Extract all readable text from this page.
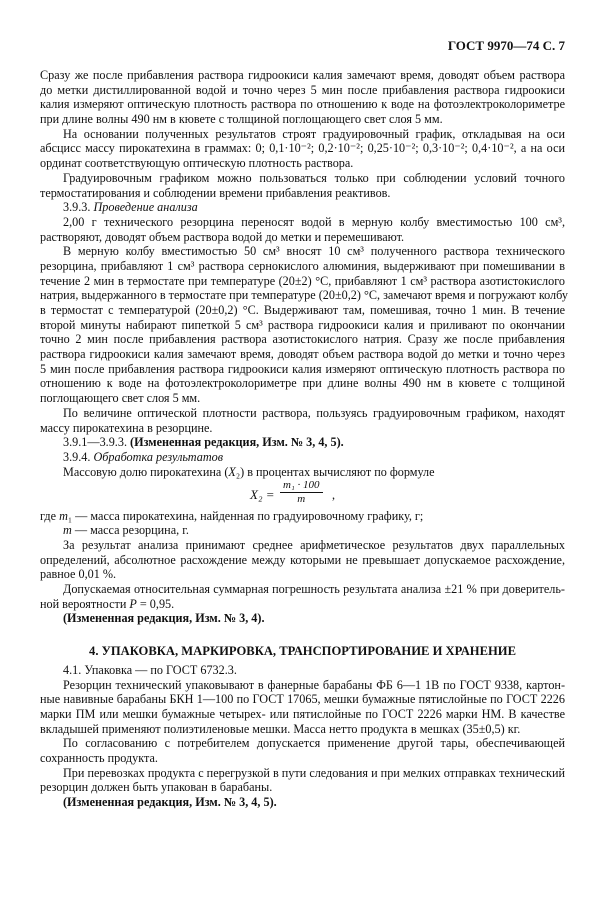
ГОСТ 9970—74 С. 7
Сразу же после прибавления раствора гидроокиси калия замечают время, доводят объем раствора
до метки дистиллированной водой и точно через 5 мин после прибавления раствора гидроокиси
калия измеряют оптическую плотность раствора по отношению к воде на фотоэлектроколориметре
при длине волны 490 нм в кювете с толщиной поглощающего свет слоя 5 мм.
На основании полученных результатов строят градуировочный график, откладывая на оси
абсцисс массу пирокатехина в граммах: 0; 0,1·10⁻²; 0,2·10⁻²; 0,25·10⁻²; 0,3·10⁻²; 0,4·10⁻², а на оси
ординат соответствующую оптическую плотность раствора.
Градуировочным графиком можно пользоваться только при соблюдении условий точного
термостатирования и соблюдении времени прибавления реактивов.
3.9.3. Проведение анализа
2,00 г технического резорцина переносят водой в мерную колбу вместимостью 100 см³,
растворяют, доводят объем раствора водой до метки и перемешивают.
В мерную колбу вместимостью 50 см³ вносят 10 см³ полученного раствора технического
резорцина, прибавляют 1 см³ раствора сернокислого алюминия, выдерживают при помешивании в
течение 2 мин в термостате при температуре (20±2) °С, прибавляют 1 см³ раствора азотистокислого
натрия, выдержанного в термостате при температуре (20±0,2) °С, замечают время и погружают колбу
в термостат с температурой (20±0,2) °С. Выдерживают там, помешивая, точно 1 мин. В течение
второй минуты набирают пипеткой 5 см³ раствора гидроокиси калия и приливают по окончании
точно 2 мин после прибавления раствора азотистокислого натрия. Сразу же после прибавления
раствора гидроокиси калия замечают время, доводят объем раствора водой до метки и точно через
5 мин после прибавления раствора гидроокиси калия измеряют оптическую плотность раствора по
отношению к воде на фотоэлектроколориметре при длине волны 490 нм в кювете с толщиной
поглощающего свет слоя 5 мм.
По величине оптической плотности раствора, пользуясь градуировочным графиком, находят
массу пирокатехина в резорцине.
3.9.1—3.9.3. (Измененная редакция, Изм. № 3, 4, 5).
3.9.4. Обработка результатов
Массовую долю пирокатехина (X₂) в процентах вычисляют по формуле
$X_2 = \frac{\text{m₁ · 100}}{m}$ ,
где m₁ — масса пирокатехина, найденная по градуировочному графику, г;
m — масса резорцина, г.
За результат анализа принимают среднее арифметическое результатов двух параллельных
определений, абсолютное расхождение между которыми не превышает допускаемое расхождение,
равное 0,01 %.
Допускаемая относительная суммарная погрешность результата анализа ±21 % при доверитель-
ной вероятности P = 0,95.
(Измененная редакция, Изм. № 3, 4).
4. УПАКОВКА, МАРКИРОВКА, ТРАНСПОРТИРОВАНИЕ И ХРАНЕНИЕ
4.1. Упаковка — по ГОСТ 6732.3.
Резорцин технический упаковывают в фанерные барабаны ФБ 6—1 1В по ГОСТ 9338, картон-
ные навивные барабаны БКН 1—100 по ГОСТ 17065, мешки бумажные пятислойные по ГОСТ 2226
марки ПМ или мешки бумажные четырех- или пятислойные по ГОСТ 2226 марки НМ. В качестве
вкладышей применяют полиэтиленовые мешки. Масса нетто продукта в мешках (35±0,5) кг.
По согласованию с потребителем допускается применение другой тары, обеспечивающей
сохранность продукта.
При перевозках продукта с перегрузкой в пути следования и при мелких отправках технический
резорцин должен быть упакован в барабаны.
(Измененная редакция, Изм. № 3, 4, 5).
